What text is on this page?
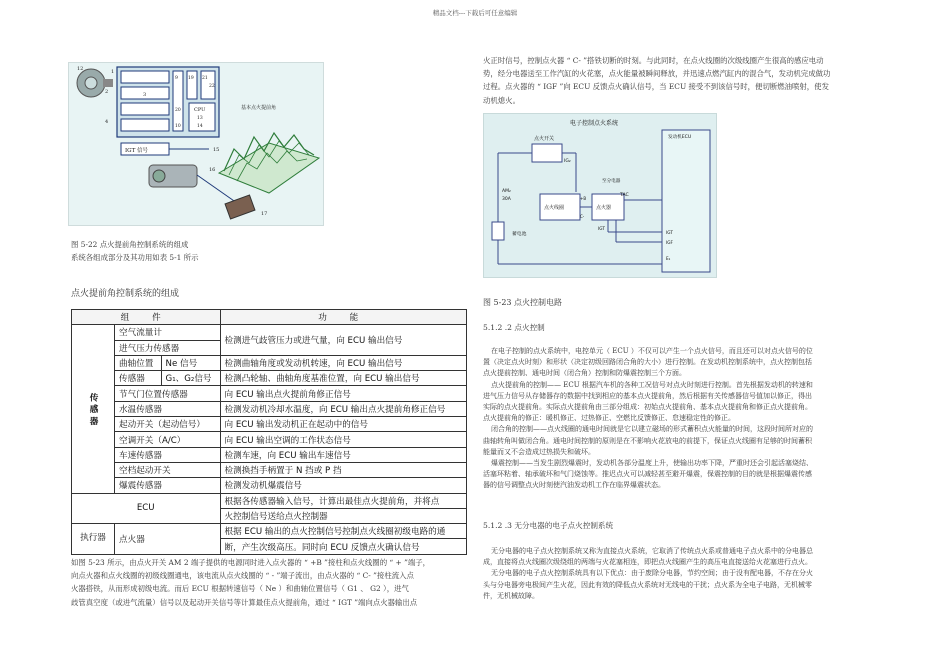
精品文档---下载后可任意编辑
12	1
2	3
9 19 21
22
20
10
CPU
13
14
4
IGT 信号	15
16
17
基本点火提前角
图 5-22 点火提前角控制系统的组成
系统各组成部分及其功用如表 5-1 所示
点火提前角控制系统的组成
组 件			功 能
传 感 器	空气流量计		检测进气歧管压力或进气量，向 ECU 输出信号
	进气压力传感器		
	曲轴位置	Ne 信号	检测曲轴角度或发动机转速，向 ECU 输出信号
	传感器	G₁、G₂信号	检测凸轮轴、曲轴角度基准位置，向 ECU 输出信号
	节气门位置传感器		向 ECU 输出点火提前角修正信号
	水温传感器		检测发动机冷却水温度，向 ECU 输出点火提前角修正信号
	起动开关（起动信号）		向 ECU 输出发动机正在起动中的信号
	空调开关（A/C）		向 ECU 输出空调的工作状态信号
	车速传感器		检测车速，向 ECU 输出车速信号
	空档起动开关		检测换挡手柄置于 N 挡或 P 挡
	爆震传感器		检测发动机爆震信号
ECU			根据各传感器输入信号，计算出最佳点火提前角，并将点
			火控制信号送给点火控制器
执行器	点火器		根据 ECU 输出的点火控制信号控制点火线圈初级电路的通
			断，产生次级高压。同时向 ECU 反馈点火确认信号
如图 5-23 所示，由点火开关 AM 2 端子提供的电源同时进入点火器的 “ +B ”接柱和点火线圈的 “ + ”端子，
向点火器和点火线圈的初级线圈通电，该电流从点火线圈的 “ - ”端子流出，由点火器的 “ C- ”接柱流入点
火器搭铁，从而形成初级电流。而后 ECU 根据转速信号（ Ne ）和曲轴位置信号（ G1 、 G2 ），进气
歧管真空度（或进气流量）信号以及起动开关信号等计算最佳点火提前角，通过 “ IGT ”端向点火器输出点
火正时信号，控制点火器 “ C- ”搭铁切断的时刻。与此同时，在点火线圈的次级线圈产生很高的感应电动
势，经分电器送至工作汽缸的火花塞，点火能量被瞬间释放，并迅速点燃汽缸内的混合气，发动机完成做功
过程。点火器的 “ IGF ”向 ECU 反馈点火确认信号，当 ECU 接受不到该信号时，便切断燃油喷射，使发
动机熄火。
电子控制点火系统
发动机ECU
点火开关
IG₂
AM₂
30A
蓄电池
点火线圈	点火器
+B
C-
至分电器
TAC
IGT
IGT
IGF
E₁
图 5-23 点火控制电路
5.1.2 .2 点火控制
在电子控制的点火系统中，电控单元（ ECU ）不仅可以产生一个点火信号，而且还可以对点火信号的位
置（决定点火时刻）和形状（决定初级回路闭合角的大小）进行控制。在发动机控制系统中，点火控制包括
点火提前控制、通电时间（闭合角）控制和防爆震控制三个方面。
点火提前角的控制—— ECU 根据汽车机的各种工况信号对点火时刻进行控制。首先根据发动机的转速和
进气压力信号从存储器存的数据中找到相应的基本点火提前角，然后根据有关传感器信号值加以修正，得出
实际的点火提前角。实际点火提前角由三部分组成：初始点火提前角、基本点火提前角和修正点火提前角。
点火提前角的修正：暖机修正、过热修正、空燃比反馈修正、怠速稳定性的修正。
闭合角的控制——点火线圈的通电时间就是它以建立磁场的形式蓄积点火能量的时间，这段时间所对应的
曲轴转角叫做闭合角。通电时间控制的原则是在不影响火花放电的前提下，保证点火线圈有足够的时间蓄积
能量而又不会造成过热损失和破坏。
爆震控制——当发生剧烈爆震时，发动机各部分温度上升，使输出功率下降，严重时还会引起活塞烧结、
活塞环粘着、轴承破坏和气门烧蚀等。推迟点火可以减轻甚至避开爆震，保震控制的目的就是根据爆震传感
器的信号调整点火时刻使汽油发动机工作在临界爆震状态。
5.1.2 .3 无分电器的电子点火控制系统
无分电器的电子点火控制系统又称为直接点火系统，它取消了传统点火系或普通电子点火系中的分电器总
成，直接将点火线圈次级绕组的两端与火花塞相连，即把点火线圈产生的高压电直接送给火花塞进行点火。
无分电器的电子点火控制系统具有以下优点：由于废除分电器，节约空间；由于没有配电器，不存在分火
头与分电器旁电极间产生火花，因此有效的降低点火系统对无线电的干扰；点火系为全电子电路，无机械零
件，无机械故障。
